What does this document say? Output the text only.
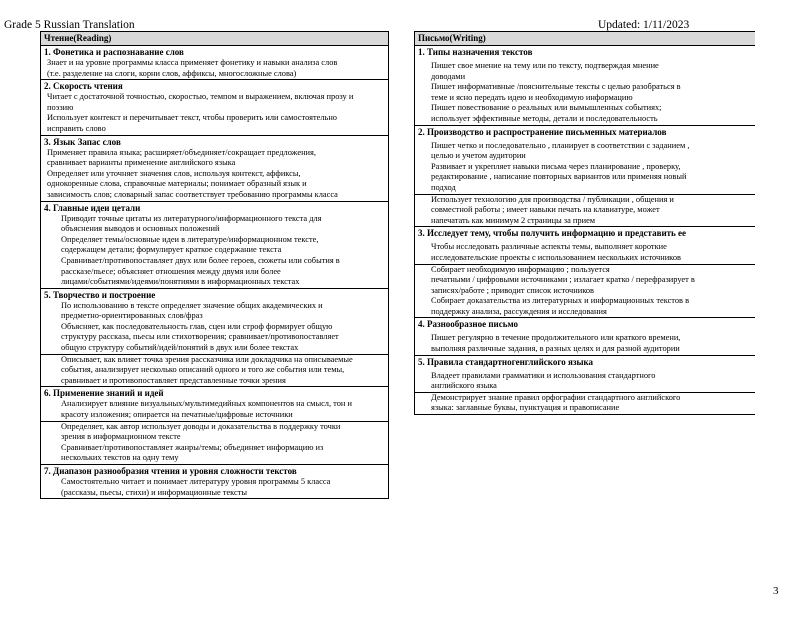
Grade 5 Russian Translation	Updated: 1/11/2023
Чтение(Reading)
1. Фонетика и распознавание слов
Знает и на уровне программы класса применяет фонетику и навыки анализа слов
(т.е. разделение на слоги, корни слов, аффиксы, многосложные слова)
2. Скорость чтения
Читает с достаточной точностью, скоростью, темпом и выражением, включая прозу и
поэзию
Использует контекст и перечитывает текст, чтобы проверить или самостоятельно
исправить слово
3. Язык Запас слов
Применяет правила языка; расширяет/объединяет/сокращает предложения,
сравнивает варианты применение английского языка
Определяет или уточняет значения слов, используя контекст, аффиксы,
однокоренные слова, справочные материалы; понимает образный язык и
зависимость слов; словарный запас соответствует требованию программы класса
4. Главные идеи цетали
Приводит точные цитаты из литературного/информационного текста для
объяснения выводов и основных положений
Определяет темы/основные идеи в литературе/информационном тексте,
содержащем детали; формулирует краткое содержание текста
Сравнивает/противопоставляет двух или более героев, сюжеты или события в
рассказе/пьесе; объясняет отношения между двумя или более
лицами/событиями/идеями/понятиями в информационных текстах
5. Творчество и построение
По использованию в тексте определяет значение общих академических и
предметно-ориентированных слов/фраз
Объясняет, как последовательность глав, сцен или строф формирует общую
структуру рассказа, пьесы или стихотворения; сравнивает/противопоставляет
общую структуру событий/идей/понятий в двух или более текстах
Описывает, как влияет точка зрения рассказчика или докладчика на описываемые
события, анализирует несколько описаний одного и того же события или темы,
сравнивает и противопоставляет представленные точки зрения
6. Применение знаний и идей
Анализирует влияние визуальных/мультимедийных компонентов на смысл, тон и
красоту изложения; опирается на печатные/цифровые источники
Определяет, как автор использует доводы и доказательства в поддержку точки
зрения в информационном тексте
Сравнивает/противопоставляет жанры/темы; объединяет информацию из
нескольких текстов на одну тему
7. Диапазон разнообразия чтения и уровня сложности текстов
Самостоятельно читает и понимает литературу уровня программы 5 класса
(рассказы, пьесы, стихи) и информационные тексты
Письмо(Writing)
1. Типы назначения текстов
Пишет свое мнение на тему или по тексту, подтверждая мнение
доводами
Пишет информативные /пояснительные тексты с целью разобраться в
теме и ясно передать идею и необходимую информацию
Пишет повествование о реальных или вымышленных событиях;
использует эффективные методы, детали и последовательность
2. Производство и распространение письменных материалов
Пишет четко и последовательно , планирует в соответствии с заданием ,
целью и учетом аудитории
Развивает и укрепляет навыки письма через планирование , проверку,
редактирование , написание повторных вариантов или применяя новый
подход
Использует технологию для производства / публикации , общения и
совместной работы ; имеет навыки печать на клавиатуре, может
напечатать как минимум 2 страницы за прием
3. Исследует тему, чтобы получить информацию и представить ее
Чтобы исследовать различные аспекты темы, выполняет короткие
исследовательские проекты с использованием нескольких источников
Собирает необходимую информацию ; пользуется
печатными / цифровыми источниками ; излагает кратко / перефразирует в
записях/работе ; приводит список источников
Собирает доказательства из литературных и информационных текстов в
поддержку анализа, рассуждения и исследования
4. Разнообразное письмо
Пишет регулярно в течение продолжительного или краткого времени,
выполняя различные задания, в разных целях и для разной аудитории
5. Правила стандартногенглийского языка
Владеет правилами грамматики и использования стандартного
английского языка
Демонстрирует знание правил орфографии стандартного английского
языка: заглавные буквы, пунктуация и правописание
3
